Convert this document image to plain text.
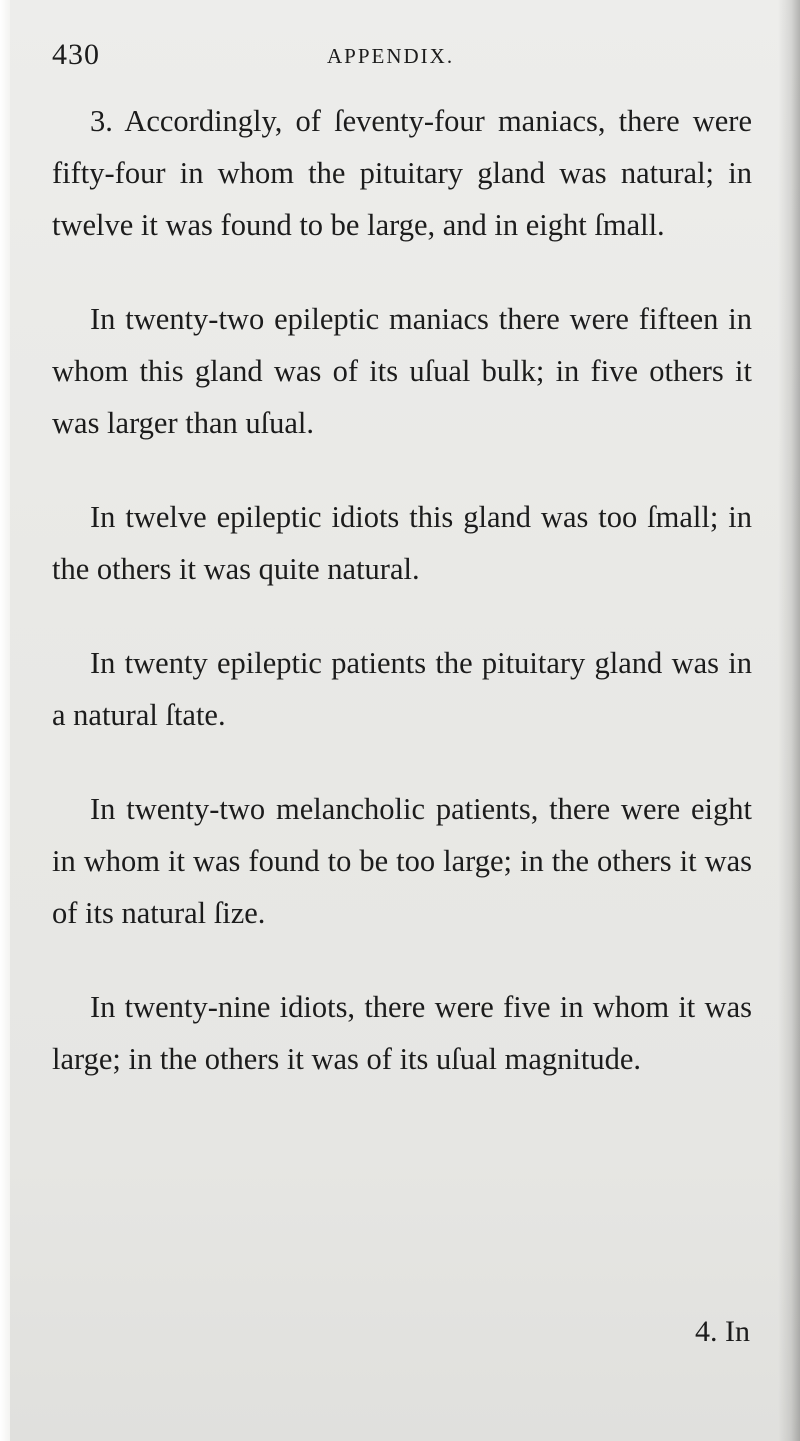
430	APPENDIX.

3. Accordingly, of ſeventy-four maniacs, there were fifty-four in whom the pituitary gland was natural; in twelve it was found to be large, and in eight ſmall.

In twenty-two epileptic maniacs there were fifteen in whom this gland was of its uſual bulk; in five others it was larger than uſual.

In twelve epileptic idiots this gland was too ſmall; in the others it was quite natural.

In twenty epileptic patients the pituitary gland was in a natural ſtate.

In twenty-two melancholic patients, there were eight in whom it was found to be too large; in the others it was of its natural ſize.

In twenty-nine idiots, there were five in whom it was large; in the others it was of its uſual magnitude.

4. In
